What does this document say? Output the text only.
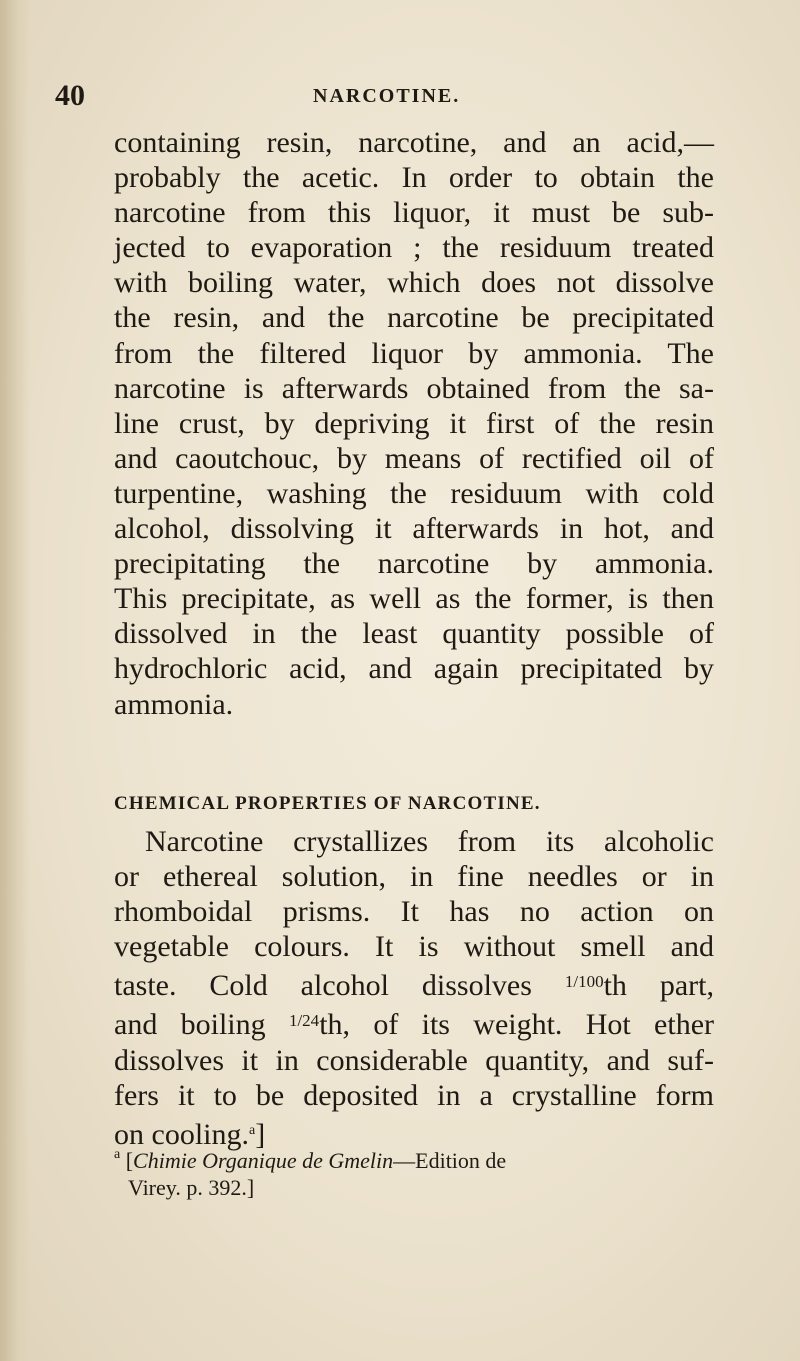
40	NARCOTINE.
containing resin, narcotine, and an acid,—
probably the acetic. In order to obtain the
narcotine from this liquor, it must be sub-
jected to evaporation ; the residuum treated
with boiling water, which does not dissolve
the resin, and the narcotine be precipitated
from the filtered liquor by ammonia. The
narcotine is afterwards obtained from the sa-
line crust, by depriving it first of the resin
and caoutchouc, by means of rectified oil of
turpentine, washing the residuum with cold
alcohol, dissolving it afterwards in hot, and
precipitating the narcotine by ammonia.
This precipitate, as well as the former, is then
dissolved in the least quantity possible of
hydrochloric acid, and again precipitated by
ammonia.
CHEMICAL PROPERTIES OF NARCOTINE.
Narcotine crystallizes from its alcoholic
or ethereal solution, in fine needles or in
rhomboidal prisms. It has no action on
vegetable colours. It is without smell and
taste. Cold alcohol dissolves $^{1/100}$th part,
and boiling $^{1/24}$th, of its weight. Hot ether
dissolves it in considerable quantity, and suf-
fers it to be deposited in a crystalline form
on cooling.$^a$]
$^a$ [Chimie Organique de Gmelin—Edition de
Virey. p. 392.]
